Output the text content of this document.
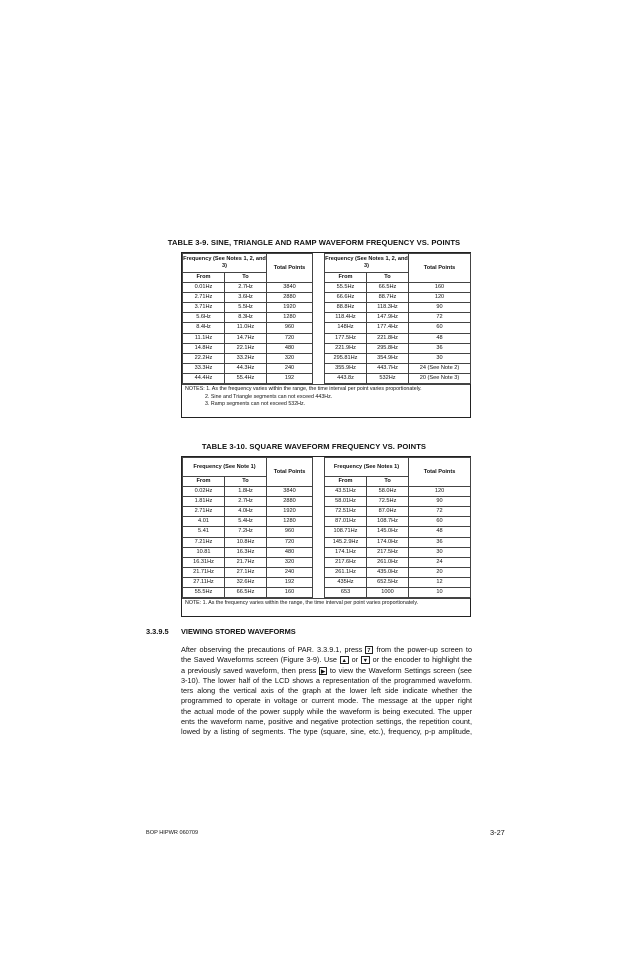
TABLE 3-9. SINE, TRIANGLE AND RAMP WAVEFORM FREQUENCY VS. POINTS
Frequency (See Notes 1, 2, and 3)		Total Points		Frequency (See Notes 1, 2, and 3)		Total Points
From	To			From	To	
0.01Hz	2.7Hz	3840		55.5Hz	66.5Hz	160
2.71Hz	3.6Hz	2880		66.6Hz	88.7Hz	120
3.71Hz	5.5Hz	1920		88.8Hz	118.3Hz	90
5.6Hz	8.3Hz	1280		118.4Hz	147.9Hz	72
8.4Hz	11.0Hz	960		148Hz	177.4Hz	60
11.1Hz	14.7Hz	720		177.5Hz	221.8Hz	48
14.8Hz	22.1Hz	480		221.9Hz	295.8Hz	36
22.2Hz	33.2Hz	320		295.81Hz	354.9Hz	30
33.3Hz	44.3Hz	240		355.9Hz	443.7Hz	24 (See Note 2)
44.4Hz	55.4Hz	192		443.8z	532Hz	20 (See Note 3)
NOTES: 1. As the frequency varies within the range, the time interval per point varies proportionately.
2. Sine and Triangle segments can not exceed 443Hz.
3. Ramp segments can not exceed 532Hz.
TABLE 3-10. SQUARE WAVEFORM FREQUENCY VS. POINTS
Frequency (See Note 1)		Total Points		Frequency (See Notes 1)		Total Points
From	To			From	To	
0.02Hz	1.8Hz	3840		43.51Hz	58.0Hz	120
1.81Hz	2.7Hz	2880		58.01Hz	72.5Hz	90
2.71Hz	4.0Hz	1920		72.51Hz	87.0Hz	72
4.01	5.4Hz	1280		87.01Hz	108.7Hz	60
5.41	7.2Hz	960		108.71Hz	145.0Hz	48
7.21Hz	10.8Hz	720		145.2.9Hz	174.0Hz	36
10.81	16.3Hz	480		174.1Hz	217.5Hz	30
16.31Hz	21.7Hz	320		217.6Hz	261.0Hz	24
21.71Hz	27.1Hz	240		261.1Hz	435.0Hz	20
27.11Hz	32.6Hz	192		435Hz	652.5Hz	12
55.5Hz	66.5Hz	160		653	1000	10
NOTE: 1. As the frequency varies within the range, the time interval per point varies proportionately.
3.3.9.5 VIEWING STORED WAVEFORMS
After observing the precautions of PAR. 3.3.9.1, press 7 from the power-up screen to
the Saved Waveforms screen (Figure 3-9). Use ▲ or ▼ or the encoder to highlight the
a previously saved waveform, then press ▶ to view the Waveform Settings screen (see
3-10). The lower half of the LCD shows a representation of the programmed waveform.
ters along the vertical axis of the graph at the lower left side indicate whether the
programmed to operate in voltage or current mode. The message at the upper right
the actual mode of the power supply while the waveform is being executed. The upper
ents the waveform name, positive and negative protection settings, the repetition count,
lowed by a listing of segments. The type (square, sine, etc.), frequency, p-p amplitude,
BOP HIPWR 060709	3-27
